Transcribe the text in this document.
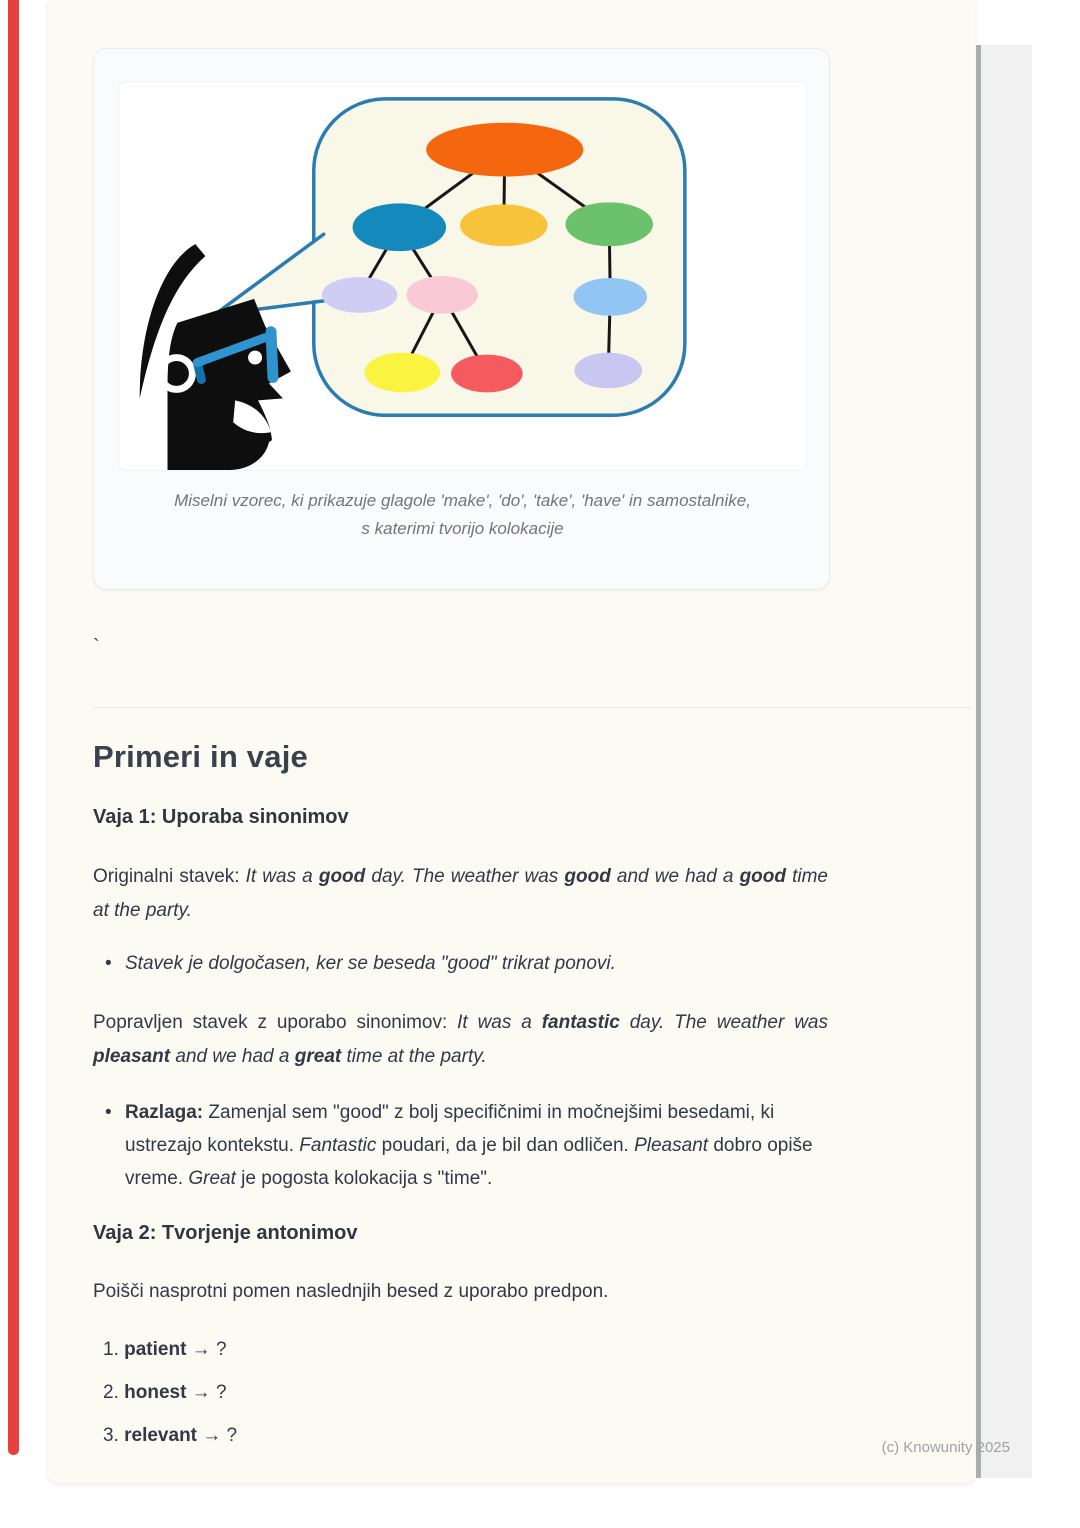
Miselni vzorec, ki prikazuje glagole 'make', 'do', 'take', 'have' in samostalnike,
s katerimi tvorijo kolokacije
`
Primeri in vaje
Vaja 1: Uporaba sinonimov
Originalni stavek: It was a good day. The weather was good and we had a good time at the party.
• Stavek je dolgočasen, ker se beseda "good" trikrat ponovi.
Popravljen stavek z uporabo sinonimov: It was a fantastic day. The weather was pleasant and we had a great time at the party.
• Razlaga: Zamenjal sem "good" z bolj specifičnimi in močnejšimi besedami, ki ustrezajo kontekstu. Fantastic poudari, da je bil dan odličen. Pleasant dobro opiše vreme. Great je pogosta kolokacija s "time".
Vaja 2: Tvorjenje antonimov
Poišči nasprotni pomen naslednjih besed z uporabo predpon.
1. patient → ?
2. honest → ?
3. relevant → ?
(c) Knowunity 2025
